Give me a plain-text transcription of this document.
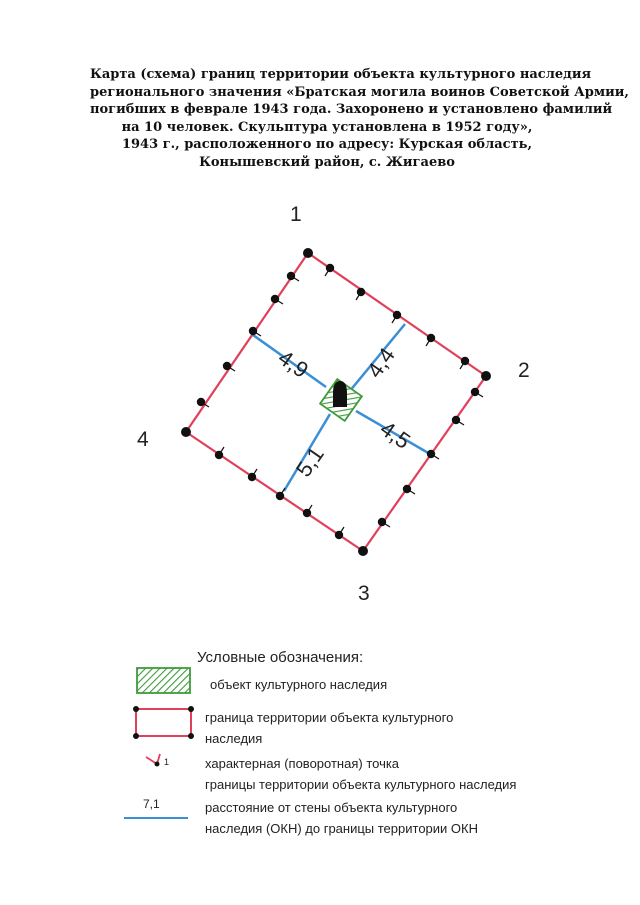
Карта (схема) границ территории объекта культурного наследия
регионального значения «Братская могила воинов Советской Армии,
погибших в феврале 1943 года. Захоронено и установлено фамилий
на 10 человек. Скульптура установлена в 1952 году»,
1943 г., расположенного по адресу: Курская область,
Конышевский район, с. Жигаево
1
2
3
4
4,9 4,4
4,5
5,1
1
7,1
Условные обозначения:
объект культурного наследия
граница территории объекта культурного
наследия
характерная (поворотная) точка
границы территории объекта культурного наследия
расстояние от стены объекта культурного
наследия (ОКН) до границы территории ОКН
